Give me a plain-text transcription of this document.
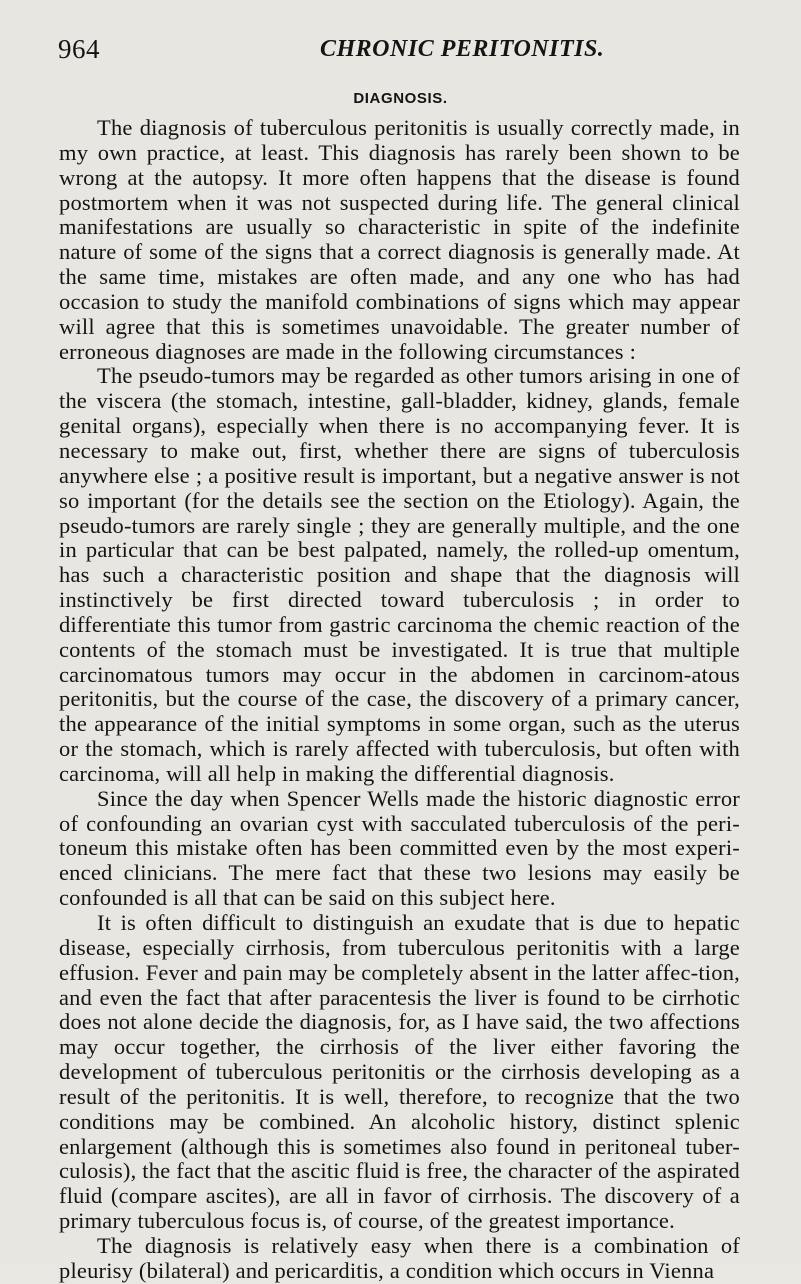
964	CHRONIC PERITONITIS.
DIAGNOSIS.

The diagnosis of tuberculous peritonitis is usually correctly made, in my own practice, at least. This diagnosis has rarely been shown to be wrong at the autopsy. It more often happens that the disease is found postmortem when it was not suspected during life. The general clinical manifestations are usually so characteristic in spite of the indefinite nature of some of the signs that a correct diagnosis is generally made. At the same time, mistakes are often made, and any one who has had occasion to study the manifold combinations of signs which may appear will agree that this is sometimes unavoidable. The greater number of erroneous diagnoses are made in the following circumstances :

The pseudo-tumors may be regarded as other tumors arising in one of the viscera (the stomach, intestine, gall-bladder, kidney, glands, female genital organs), especially when there is no accompanying fever. It is necessary to make out, first, whether there are signs of tuberculosis anywhere else ; a positive result is important, but a negative answer is not so important (for the details see the section on the Etiology). Again, the pseudo-tumors are rarely single ; they are generally multiple, and the one in particular that can be best palpated, namely, the rolled-up omentum, has such a characteristic position and shape that the diagnosis will instinctively be first directed toward tuberculosis ; in order to differentiate this tumor from gastric carcinoma the chemic reaction of the contents of the stomach must be investigated. It is true that multiple carcinomatous tumors may occur in the abdomen in carcinom-atous peritonitis, but the course of the case, the discovery of a primary cancer, the appearance of the initial symptoms in some organ, such as the uterus or the stomach, which is rarely affected with tuberculosis, but often with carcinoma, will all help in making the differential diagnosis.

Since the day when Spencer Wells made the historic diagnostic error of confounding an ovarian cyst with sacculated tuberculosis of the peri-toneum this mistake often has been committed even by the most experi-enced clinicians. The mere fact that these two lesions may easily be confounded is all that can be said on this subject here.

It is often difficult to distinguish an exudate that is due to hepatic disease, especially cirrhosis, from tuberculous peritonitis with a large effusion. Fever and pain may be completely absent in the latter affec-tion, and even the fact that after paracentesis the liver is found to be cirrhotic does not alone decide the diagnosis, for, as I have said, the two affections may occur together, the cirrhosis of the liver either favoring the development of tuberculous peritonitis or the cirrhosis developing as a result of the peritonitis. It is well, therefore, to recognize that the two conditions may be combined. An alcoholic history, distinct splenic enlargement (although this is sometimes also found in peritoneal tuber-culosis), the fact that the ascitic fluid is free, the character of the aspirated fluid (compare ascites), are all in favor of cirrhosis. The discovery of a primary tuberculous focus is, of course, of the greatest importance.

The diagnosis is relatively easy when there is a combination of pleurisy (bilateral) and pericarditis, a condition which occurs in Vienna
